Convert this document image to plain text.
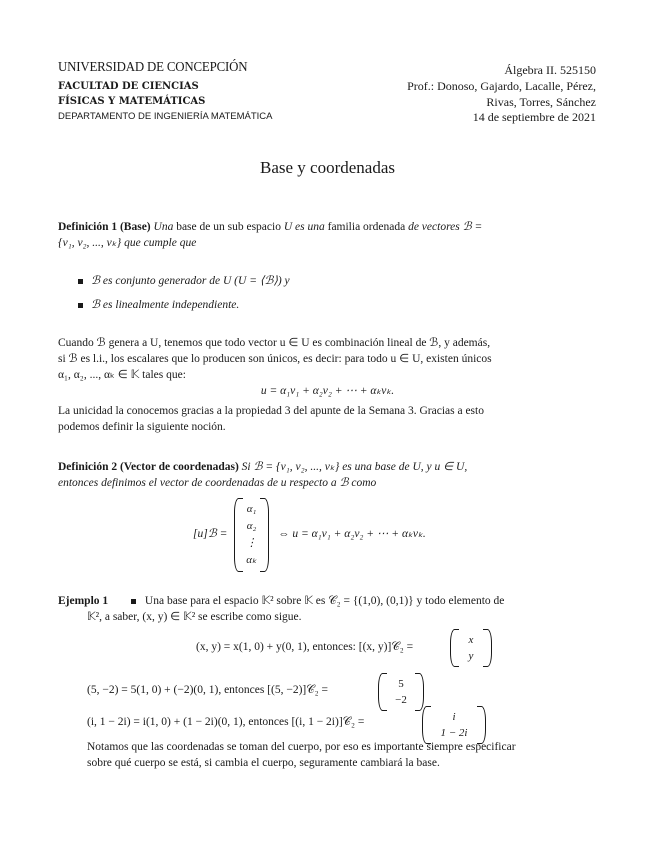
UNIVERSIDAD DE CONCEPCIÓN
FACULTAD DE CIENCIAS
FÍSICAS Y MATEMÁTICAS
DEPARTAMENTO DE INGENIERÍA MATEMÁTICA
Álgebra II. 525150
Prof.: Donoso, Gajardo, Lacalle, Pérez,
Rivas, Torres, Sánchez
14 de septiembre de 2021
Base y coordenadas
Definición 1 (Base) Una base de un sub espacio U es una familia ordenada de vectores ℬ =
{v₁, v₂, ..., vₖ} que cumple que
ℬ es conjunto generador de U (U = ⟨ℬ⟩) y
ℬ es linealmente independiente.
Cuando ℬ genera a U, tenemos que todo vector u ∈ U es combinación lineal de ℬ, y además,
si ℬ es l.i., los escalares que lo producen son únicos, es decir: para todo u ∈ U, existen únicos
α₁, α₂, ..., αₖ ∈ 𝕂 tales que:
u = α₁v₁ + α₂v₂ + ⋯ + αₖvₖ.
La unicidad la conocemos gracias a la propiedad 3 del apunte de la Semana 3. Gracias a esto
podemos definir la siguiente noción.
Definición 2 (Vector de coordenadas) Si ℬ = {v₁, v₂, ..., vₖ} es una base de U, y u ∈ U,
entonces definimos el vector de coordenadas de u respecto a ℬ como
[u]ℬ =
α₁
α₂
⋮
αₖ
⇔ u = α₁v₁ + α₂v₂ + ⋯ + αₖvₖ.
Ejemplo 1	Una base para el espacio 𝕂² sobre 𝕂 es 𝒞₂ = {(1,0), (0,1)} y todo elemento de
𝕂², a saber, (x, y) ∈ 𝕂² se escribe como sigue.
(x, y) = x(1, 0) + y(0, 1), entonces: [(x, y)]𝒞₂ =
x
y
(5, −2) = 5(1, 0) + (−2)(0, 1), entonces [(5, −2)]𝒞₂ =	5
−2
(i, 1 − 2i) = i(1, 0) + (1 − 2i)(0, 1), entonces [(i, 1 − 2i)]𝒞₂ =	i
1 − 2i
Notamos que las coordenadas se toman del cuerpo, por eso es importante siempre especificar
sobre qué cuerpo se está, si cambia el cuerpo, seguramente cambiará la base.
